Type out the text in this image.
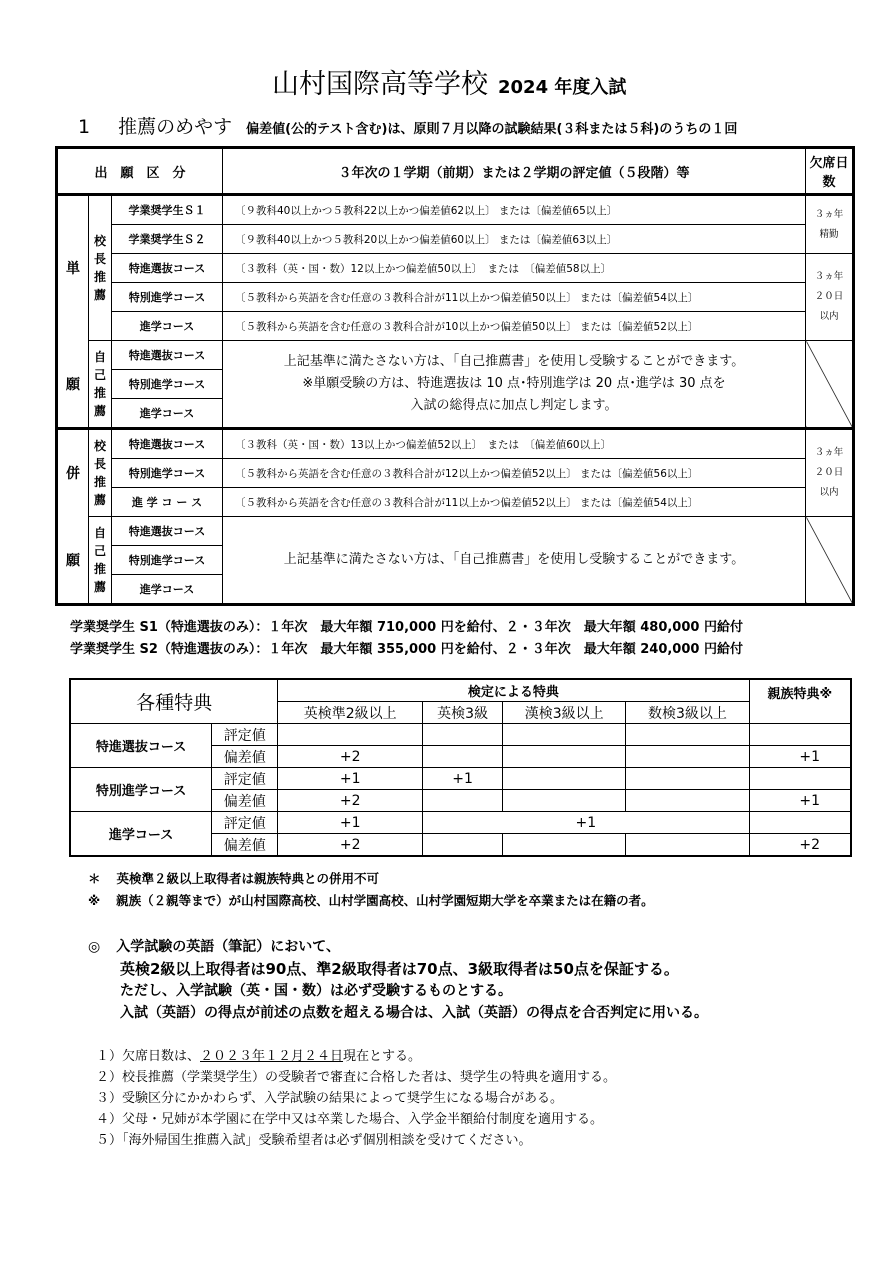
山村国際高等学校 2024 年度入試
1 推薦のめやす 偏差値(公的テスト含む)は、原則７月以降の試験結果(３科または５科)のうちの１回
出　願　区　分			３年次の１学期（前期）または２学期の評定値（５段階）等	欠席日数
単	校長推薦	学業奨学生Ｓ１	〔９教科40以上かつ５教科22以上かつ偏差値62以上〕 または〔偏差値65以上〕	３ヵ年
精勤
		学業奨学生Ｓ２	〔９教科40以上かつ５教科20以上かつ偏差値60以上〕 または〔偏差値63以上〕	
		特進選抜コース	〔３教科（英・国・数）12以上かつ偏差値50以上〕　または　〔偏差値58以上〕	３ヵ年
２０日
以内
		特別進学コース	〔５教科から英語を含む任意の３教科合計が11以上かつ偏差値50以上〕 または〔偏差値54以上〕	
		進学コース	〔５教科から英語を含む任意の３教科合計が10以上かつ偏差値50以上〕 または〔偏差値52以上〕	
願	自己推薦	特進選抜コース	上記基準に満たさない方は、「自己推薦書」を使用し受験することができます。
※単願受験の方は、特進選抜は 10 点･特別進学は 20 点･進学は 30 点を
入試の総得点に加点し判定します。	
		特別進学コース		
		進学コース		
併	校長推薦	特進選抜コース	〔３教科（英・国・数）13以上かつ偏差値52以上〕　または　〔偏差値60以上〕	３ヵ年
２０日
以内
		特別進学コース	〔５教科から英語を含む任意の３教科合計が12以上かつ偏差値52以上〕 または〔偏差値56以上〕	
		進 学 コ ー ス	〔５教科から英語を含む任意の３教科合計が11以上かつ偏差値52以上〕 または〔偏差値54以上〕	
願	自己推薦	特進選抜コース	上記基準に満たさない方は、「自己推薦書」を使用し受験することができます。	
		特別進学コース		
		進学コース		
学業奨学生 S1（特進選抜のみ）：１年次　最大年額 710,000 円を給付、２・３年次　最大年額 480,000 円給付
学業奨学生 S2（特進選抜のみ）：１年次　最大年額 355,000 円を給付、２・３年次　最大年額 240,000 円給付
各種特典		検定による特典				親族特典※
		英検準2級以上	英検3級	漢検3級以上	数検3級以上	
特進選抜コース	評定値					
	偏差値	+2				+1
特別進学コース	評定値	+1	+1			
	偏差値	+2				+1
進学コース	評定値	+1	+1			
	偏差値	+2				+2
＊ 英検準２級以上取得者は親族特典との併用不可
※ 親族（２親等まで）が山村国際高校、山村学園高校、山村学園短期大学を卒業または在籍の者。
◎ 入学試験の英語（筆記）において、
英検2級以上取得者は90点、準2級取得者は70点、3級取得者は50点を保証する。
ただし、入学試験（英・国・数）は必ず受験するものとする。
入試（英語）の得点が前述の点数を超える場合は、入試（英語）の得点を合否判定に用いる。
１）欠席日数は、２０２３年１２月２４日現在とする。
２）校長推薦（学業奨学生）の受験者で審査に合格した者は、奨学生の特典を適用する。
３）受験区分にかかわらず、入学試験の結果によって奨学生になる場合がある。
４）父母・兄姉が本学園に在学中又は卒業した場合、入学金半額給付制度を適用する。
５）「海外帰国生推薦入試」受験希望者は必ず個別相談を受けてください。
